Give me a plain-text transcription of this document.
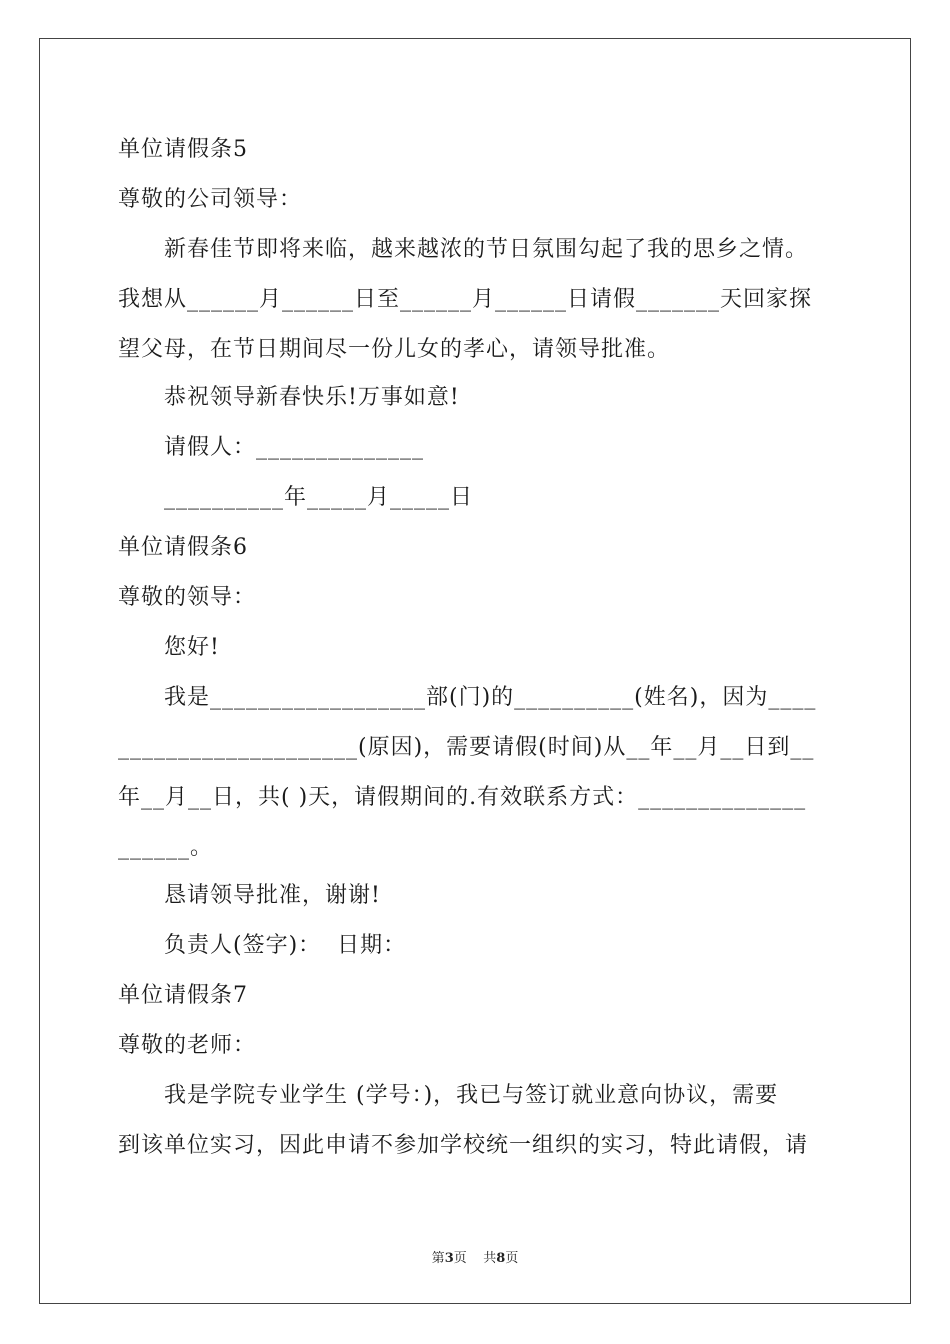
单位请假条5
尊敬的公司领导：
新春佳节即将来临，越来越浓的节日氛围勾起了我的思乡之情。
我想从______月______日至______月______日请假_______天回家探
望父母，在节日期间尽一份儿女的孝心，请领导批准。
恭祝领导新春快乐!万事如意!
请假人：______________
__________年_____月_____日
单位请假条6
尊敬的领导：
您好!
我是__________________部(门)的__________(姓名)，因为____
____________________(原因)，需要请假(时间)从__年__月__日到__
年__月__日，共( )天，请假期间的.有效联系方式：______________
______。
恳请领导批准，谢谢!
负责人(签字)：  日期：
单位请假条7
尊敬的老师：
我是学院专业学生 (学号：)，我已与签订就业意向协议，需要
到该单位实习，因此申请不参加学校统一组织的实习，特此请假，请
第3页    共8页
